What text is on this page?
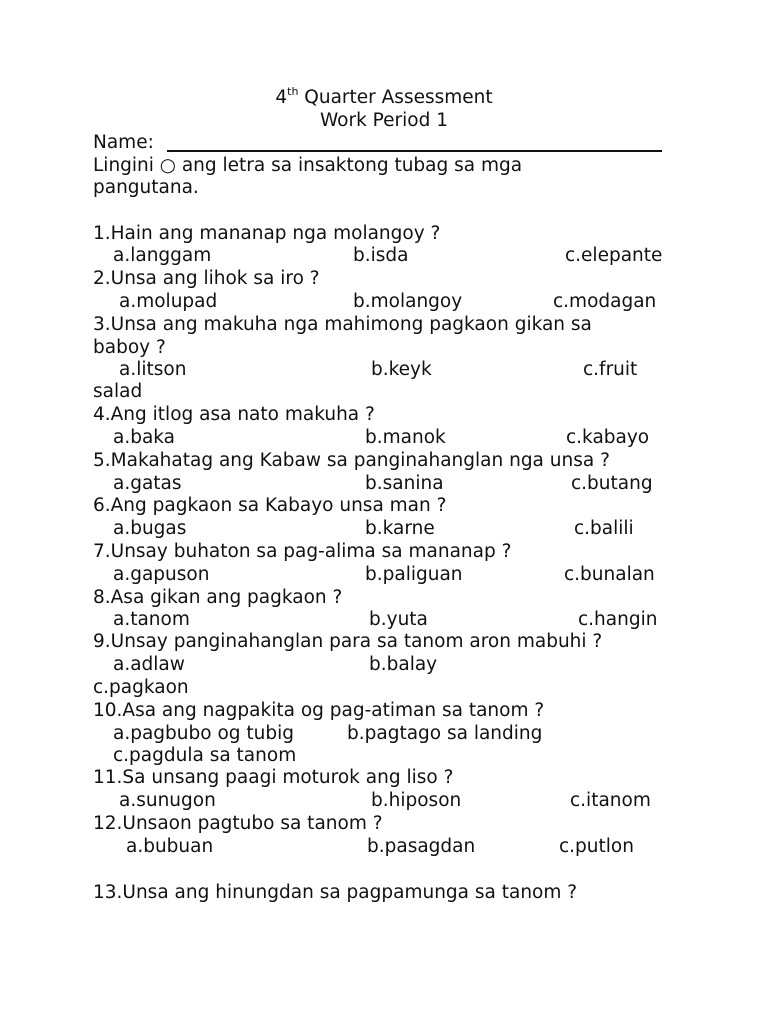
4th Quarter Assessment
Work Period 1
Name:
Lingini ○ ang letra sa insaktong tubag sa mga
pangutana.
1.Hain ang mananap nga molangoy ?
a.langgam	b.isda	c.elepante
2.Unsa ang lihok sa iro ?
a.molupad	b.molangoy	c.modagan
3.Unsa ang makuha nga mahimong pagkaon gikan sa
baboy ?
a.litson	b.keyk	c.fruit
salad
4.Ang itlog asa nato makuha ?
a.baka	b.manok	c.kabayo
5.Makahatag ang Kabaw sa panginahanglan nga unsa ?
a.gatas	b.sanina	c.butang
6.Ang pagkaon sa Kabayo unsa man ?
a.bugas	b.karne	c.balili
7.Unsay buhaton sa pag-alima sa mananap ?
a.gapuson	b.paliguan	c.bunalan
8.Asa gikan ang pagkaon ?
a.tanom	b.yuta	c.hangin
9.Unsay panginahanglan para sa tanom aron mabuhi ?
a.adlaw	b.balay
c.pagkaon
10.Asa ang nagpakita og pag-atiman sa tanom ?
a.pagbubo og tubig	b.pagtago sa landing
c.pagdula sa tanom
11.Sa unsang paagi moturok ang liso ?
a.sunugon	b.hiposon	c.itanom
12.Unsaon pagtubo sa tanom ?
a.bubuan	b.pasagdan	c.putlon
13.Unsa ang hinungdan sa pagpamunga sa tanom ?
